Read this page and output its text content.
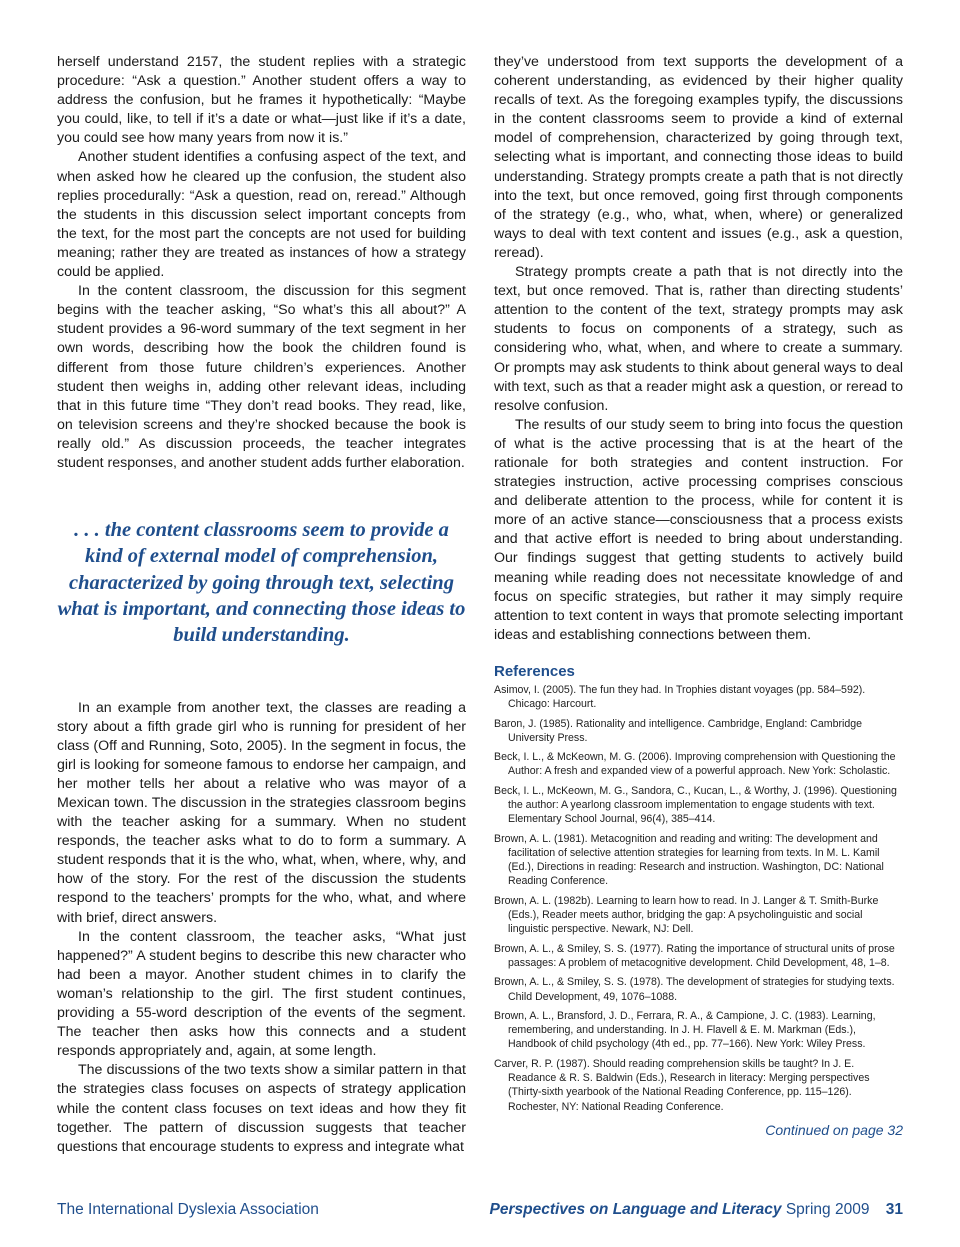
herself understand 2157, the student replies with a strategic procedure: “Ask a question.” Another student offers a way to address the confusion, but he frames it hypothetically: “Maybe you could, like, to tell if it’s a date or what—just like if it’s a date, you could see how many years from now it is.”

Another student identifies a confusing aspect of the text, and when asked how he cleared up the confusion, the student also replies procedurally: “Ask a question, read on, reread.” Although the students in this discussion select important concepts from the text, for the most part the concepts are not used for building meaning; rather they are treated as instances of how a strategy could be applied.

In the content classroom, the discussion for this segment begins with the teacher asking, “So what’s this all about?” A student provides a 96-word summary of the text segment in her own words, describing how the book the children found is different from those future children’s experiences. Another student then weighs in, adding other relevant ideas, including that in this future time “They don’t read books. They read, like, on television screens and they’re shocked because the book is really old.” As discussion proceeds, the teacher integrates student responses, and another student adds further elaboration.

. . . the content classrooms seem to provide a kind of external model of comprehension, characterized by going through text, selecting what is important, and connecting those ideas to build understanding.

In an example from another text, the classes are reading a story about a fifth grade girl who is running for president of her class (Off and Running, Soto, 2005). In the segment in focus, the girl is looking for someone famous to endorse her campaign, and her mother tells her about a relative who was mayor of a Mexican town. The discussion in the strategies classroom begins with the teacher asking for a summary. When no student responds, the teacher asks what to do to form a summary. A student responds that it is the who, what, when, where, why, and how of the story. For the rest of the discussion the students respond to the teachers’ prompts for the who, what, and where with brief, direct answers.

In the content classroom, the teacher asks, “What just happened?” A student begins to describe this new character who had been a mayor. Another student chimes in to clarify the woman’s relationship to the girl. The first student continues, providing a 55-word description of the events of the segment. The teacher then asks how this connects and a student responds appropriately and, again, at some length.

The discussions of the two texts show a similar pattern in that the strategies class focuses on aspects of strategy application while the content class focuses on text ideas and how they fit together. The pattern of discussion suggests that teacher questions that encourage students to express and integrate what

they’ve understood from text supports the development of a coherent understanding, as evidenced by their higher quality recalls of text. As the foregoing examples typify, the discussions in the content classrooms seem to provide a kind of external model of comprehension, characterized by going through text, selecting what is important, and connecting those ideas to build understanding. Strategy prompts create a path that is not directly into the text, but once removed, going first through components of the strategy (e.g., who, what, when, where) or generalized ways to deal with text content and issues (e.g., ask a question, reread).

Strategy prompts create a path that is not directly into the text, but once removed. That is, rather than directing students’ attention to the content of the text, strategy prompts may ask students to focus on components of a strategy, such as considering who, what, when, and where to create a summary. Or prompts may ask students to think about general ways to deal with text, such as that a reader might ask a question, or reread to resolve confusion.

The results of our study seem to bring into focus the question of what is the active processing that is at the heart of the rationale for both strategies and content instruction. For strategies instruction, active processing comprises conscious and deliberate attention to the process, while for content it is more of an active stance—consciousness that a process exists and that active effort is needed to bring about understanding. Our findings suggest that getting students to actively build meaning while reading does not necessitate knowledge of and focus on specific strategies, but rather it may simply require attention to text content in ways that promote selecting important ideas and establishing connections between them.

References

Asimov, I. (2005). The fun they had. In Trophies distant voyages (pp. 584–592). Chicago: Harcourt.

Baron, J. (1985). Rationality and intelligence. Cambridge, England: Cambridge University Press.

Beck, I. L., & McKeown, M. G. (2006). Improving comprehension with Questioning the Author: A fresh and expanded view of a powerful approach. New York: Scholastic.

Beck, I. L., McKeown, M. G., Sandora, C., Kucan, L., & Worthy, J. (1996). Questioning the author: A yearlong classroom implementation to engage students with text. Elementary School Journal, 96(4), 385–414.

Brown, A. L. (1981). Metacognition and reading and writing: The development and facilitation of selective attention strategies for learning from texts. In M. L. Kamil (Ed.), Directions in reading: Research and instruction. Washington, DC: National Reading Conference.

Brown, A. L. (1982b). Learning to learn how to read. In J. Langer & T. Smith-Burke (Eds.), Reader meets author, bridging the gap: A psycholinguistic and social linguistic perspective. Newark, NJ: Dell.

Brown, A. L., & Smiley, S. S. (1977). Rating the importance of structural units of prose passages: A problem of metacognitive development. Child Development, 48, 1–8.

Brown, A. L., & Smiley, S. S. (1978). The development of strategies for studying texts. Child Development, 49, 1076–1088.

Brown, A. L., Bransford, J. D., Ferrara, R. A., & Campione, J. C. (1983). Learning, remembering, and understanding. In J. H. Flavell & E. M. Markman (Eds.), Handbook of child psychology (4th ed., pp. 77–166). New York: Wiley Press.

Carver, R. P. (1987). Should reading comprehension skills be taught? In J. E. Readance & R. S. Baldwin (Eds.), Research in literacy: Merging perspectives (Thirty-sixth yearbook of the National Reading Conference, pp. 115–126). Rochester, NY: National Reading Conference.

Continued on page 32
The International Dyslexia Association	Perspectives on Language and Literacy Spring 2009 31
